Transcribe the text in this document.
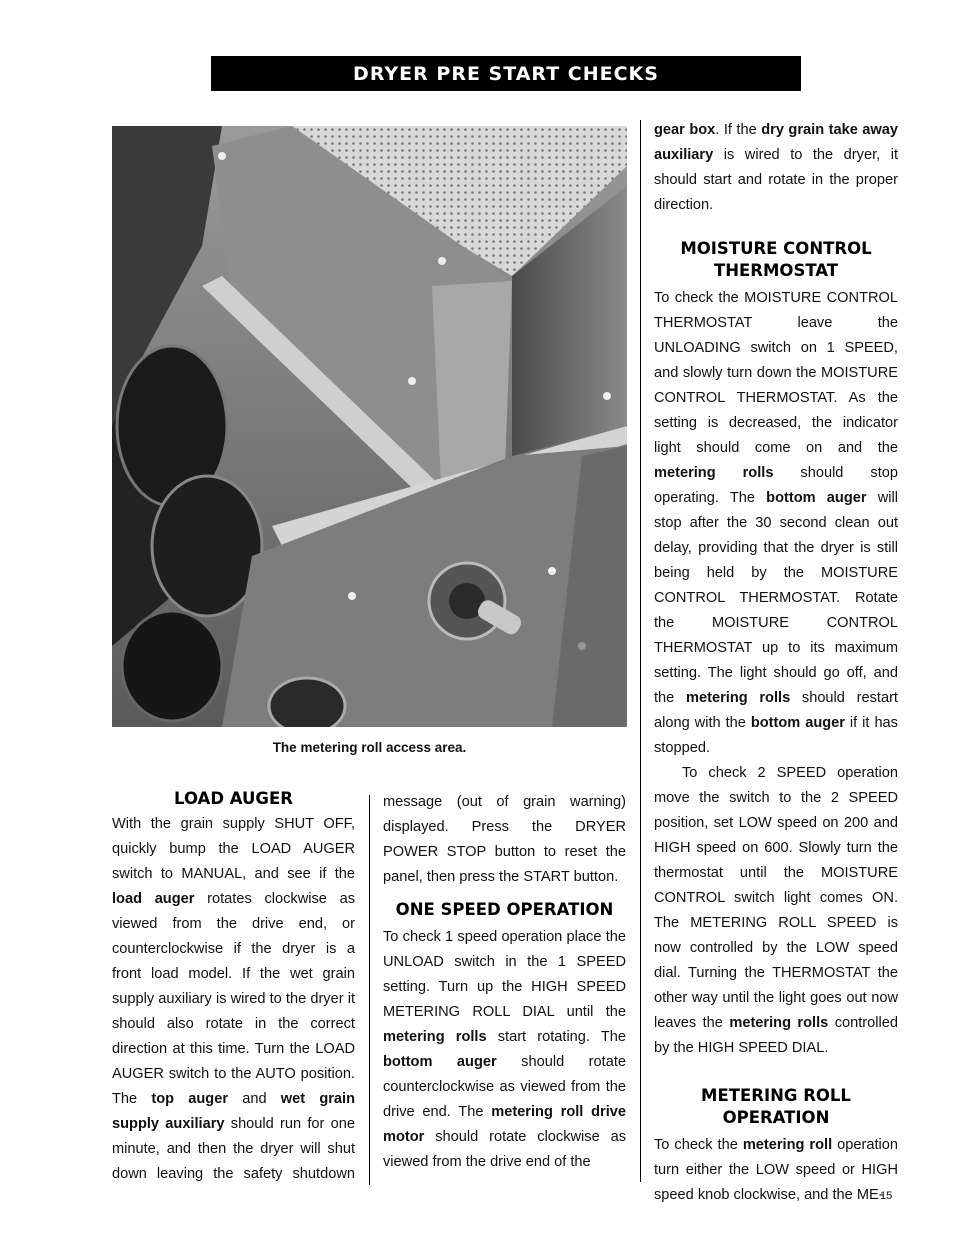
DRYER PRE START CHECKS
The metering roll access area.
LOAD AUGER

With the grain supply SHUT OFF, quickly bump the LOAD AUGER switch to MANUAL, and see if the load auger rotates clockwise as viewed from the drive end, or counterclockwise if the dryer is a front load model. If the wet grain supply auxiliary is wired to the dryer it should also rotate in the correct direction at this time. Turn the LOAD AUGER switch to the AUTO position. The top auger and wet grain supply auxiliary should run for one minute, and then the dryer will shut down leaving the safety shutdown

message (out of grain warning) displayed. Press the DRYER POWER STOP button to reset the panel, then press the START button.

ONE SPEED OPERATION

To check 1 speed operation place the UNLOAD switch in the 1 SPEED setting. Turn up the HIGH SPEED METERING ROLL DIAL until the metering rolls start rotating. The bottom auger should rotate counterclockwise as viewed from the drive end. The metering roll drive motor should rotate clockwise as viewed from the drive end of the

gear box. If the dry grain take away auxiliary is wired to the dryer, it should start and rotate in the proper direction.

MOISTURE CONTROL THERMOSTAT

To check the MOISTURE CONTROL THERMOSTAT leave the UNLOADING switch on 1 SPEED, and slowly turn down the MOISTURE CONTROL THERMOSTAT. As the setting is decreased, the indicator light should come on and the metering rolls should stop operating. The bottom auger will stop after the 30 second clean out delay, providing that the dryer is still being held by the MOISTURE CONTROL THERMOSTAT. Rotate the MOISTURE CONTROL THERMOSTAT up to its maximum setting. The light should go off, and the metering rolls should restart along with the bottom auger if it has stopped.

To check 2 SPEED operation move the switch to the 2 SPEED position, set LOW speed on 200 and HIGH speed on 600. Slowly turn the thermostat until the MOISTURE CONTROL switch light comes ON. The METERING ROLL SPEED is now controlled by the LOW speed dial. Turning the THERMOSTAT the other way until the light goes out now leaves the metering rolls controlled by the HIGH SPEED DIAL.

METERING ROLL OPERATION

To check the metering roll operation turn either the LOW speed or HIGH speed knob clockwise, and the ME-

15
